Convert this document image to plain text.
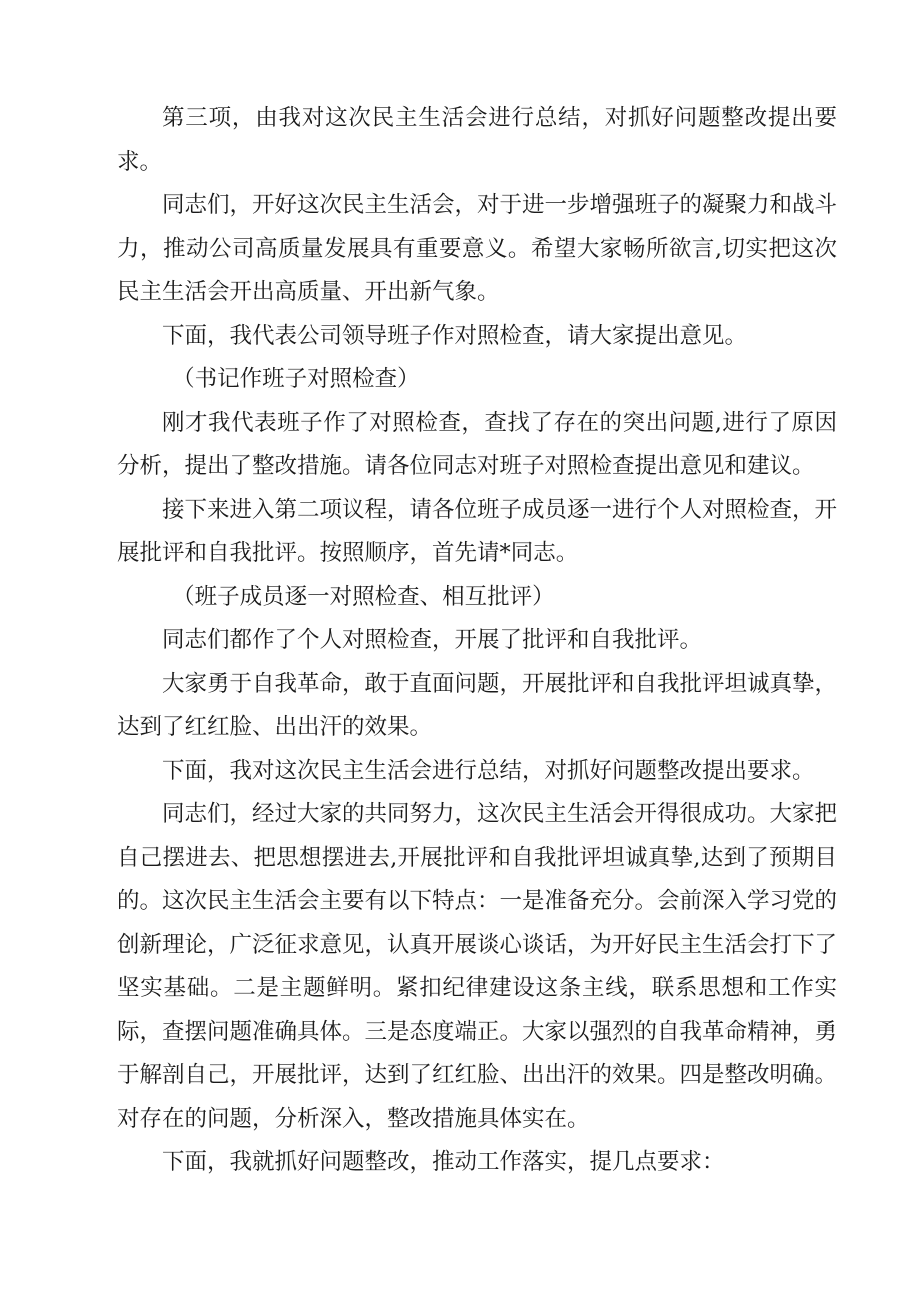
第三项，由我对这次民主生活会进行总结，对抓好问题整改提出要求。

同志们，开好这次民主生活会，对于进一步增强班子的凝聚力和战斗力，推动公司高质量发展具有重要意义。希望大家畅所欲言,切实把这次民主生活会开出高质量、开出新气象。

下面，我代表公司领导班子作对照检查，请大家提出意见。

（书记作班子对照检查）

刚才我代表班子作了对照检查，查找了存在的突出问题,进行了原因分析，提出了整改措施。请各位同志对班子对照检查提出意见和建议。

接下来进入第二项议程，请各位班子成员逐一进行个人对照检查，开展批评和自我批评。按照顺序，首先请*同志。

（班子成员逐一对照检查、相互批评）

同志们都作了个人对照检查，开展了批评和自我批评。

大家勇于自我革命，敢于直面问题，开展批评和自我批评坦诚真挚，达到了红红脸、出出汗的效果。

下面，我对这次民主生活会进行总结，对抓好问题整改提出要求。

同志们，经过大家的共同努力，这次民主生活会开得很成功。大家把自己摆进去、把思想摆进去,开展批评和自我批评坦诚真挚,达到了预期目的。这次民主生活会主要有以下特点：一是准备充分。会前深入学习党的创新理论，广泛征求意见，认真开展谈心谈话，为开好民主生活会打下了坚实基础。二是主题鲜明。紧扣纪律建设这条主线，联系思想和工作实际，查摆问题准确具体。三是态度端正。大家以强烈的自我革命精神，勇于解剖自己，开展批评，达到了红红脸、出出汗的效果。四是整改明确。对存在的问题，分析深入，整改措施具体实在。

下面，我就抓好问题整改，推动工作落实，提几点要求：
